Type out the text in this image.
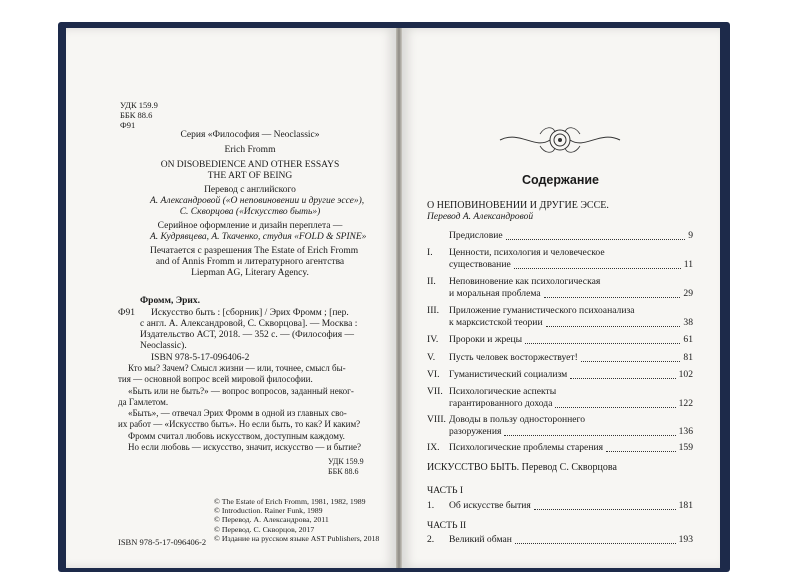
УДК 159.9
ББК 88.6
Ф91
Серия «Философия — Neoclassic»
Erich Fromm
ON DISOBEDIENCE AND OTHER ESSAYS
THE ART OF BEING
Перевод с английского
А. Александровой («О неповиновении и другие эссе»),
С. Скворцова («Искусство быть»)
Серийное оформление и дизайн переплета —
А. Кудрявцева, А. Ткаченко, студия «FOLD & SPINE»
Печатается с разрешения The Estate of Erich Fromm
and of Annis Fromm и литературного агентства
Liepman AG, Literary Agency.
Фромм, Эрих.
Ф91 Искусство быть : [сборник] / Эрих Фромм ; [пер.
с англ. А. Александровой, С. Скворцова]. — Москва :
Издательство АСТ, 2018. — 352 с. — (Философия —
Neoclassic).
ISBN 978-5-17-096406-2
Кто мы? Зачем? Смысл жизни — или, точнее, смысл бы-
тия — основной вопрос всей мировой философии.
«Быть или не быть?» — вопрос вопросов, заданный неког-
да Гамлетом.
«Быть», — отвечал Эрих Фромм в одной из главных сво-
их работ — «Искусство быть». Но если быть, то как? И каким?
Фромм считал любовь искусством, доступным каждому.
Но если любовь — искусство, значит, искусство — и бытие?
УДК 159.9
ББК 88.6
© The Estate of Erich Fromm, 1981, 1982, 1989
© Introduction. Rainer Funk, 1989
© Перевод. А. Александрова, 2011
© Перевод. С. Скворцов, 2017
© Издание на русском языке AST Publishers, 2018
ISBN 978-5-17-096406-2
Содержание
О НЕПОВИНОВЕНИИ И ДРУГИЕ ЭССЕ.
Перевод А. Александровой
Предисловие	9
I. Ценности, психология и человеческое
существование	11
II. Неповиновение как психологическая
и моральная проблема	29
III. Приложение гуманистического психоанализа
к марксистской теории	38
IV. Пророки и жрецы	61
V. Пусть человек восторжествует!	81
VI. Гуманистический социализм	102
VII. Психологические аспекты
гарантированного дохода	122
VIII. Доводы в пользу одностороннего
разоружения	136
IX. Психологические проблемы старения	159
ИСКУССТВО БЫТЬ. Перевод С. Скворцова
ЧАСТЬ I
1. Об искусстве бытия	181
ЧАСТЬ II
2. Великий обман	193
